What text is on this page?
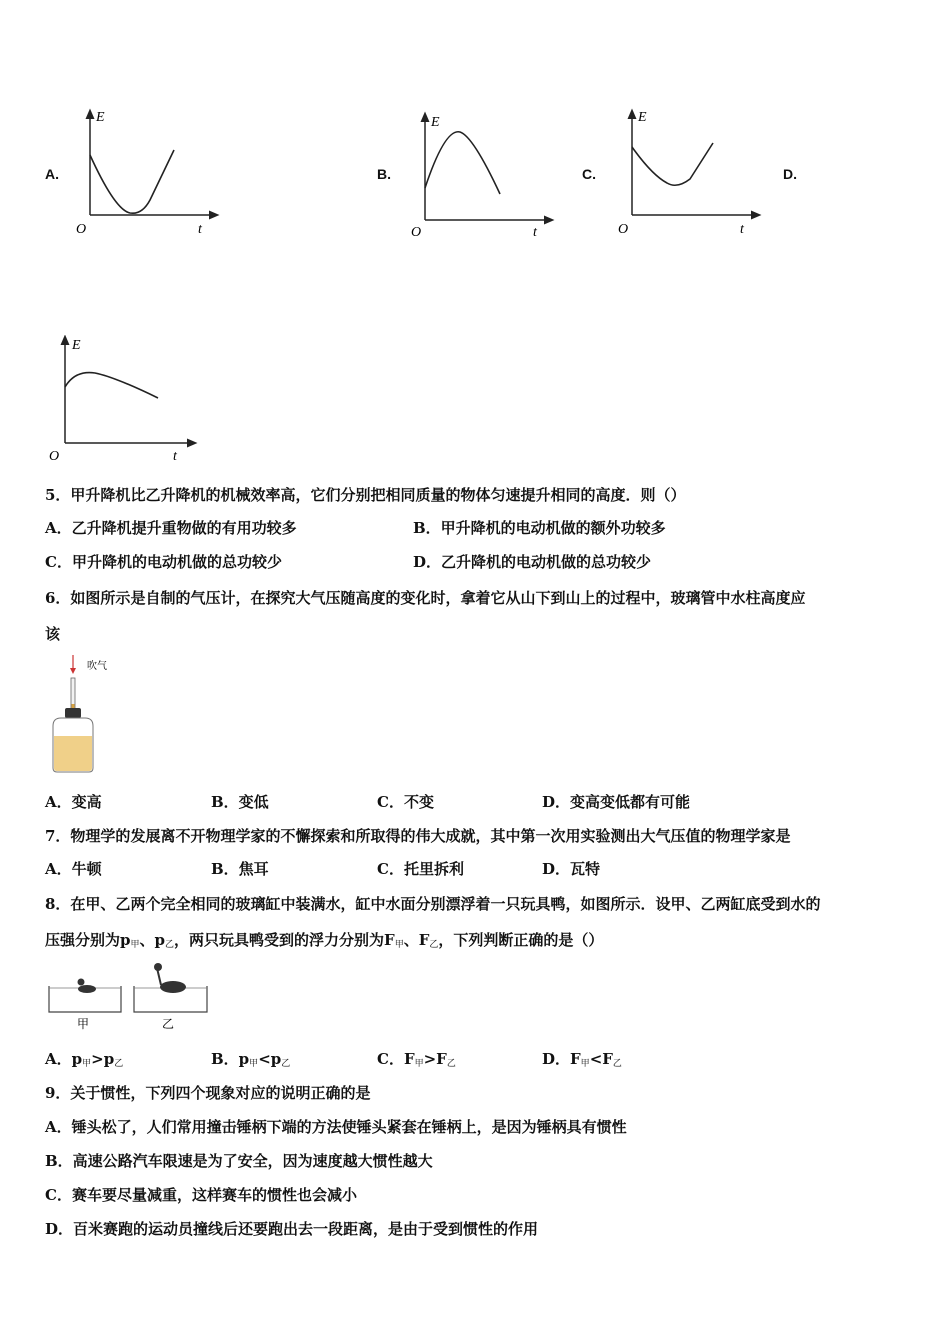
A.
E
O	t
B.
E
O	t
C.
E
O	t
D.
E
O	t
5．甲升降机比乙升降机的机械效率高，它们分别把相同质量的物体匀速提升相同的高度．则（）
A．乙升降机提升重物做的有用功较多	B．甲升降机的电动机做的额外功较多
C．甲升降机的电动机做的总功较少	D．乙升降机的电动机做的总功较少
6．如图所示是自制的气压计，在探究大气压随高度的变化时，拿着它从山下到山上的过程中，玻璃管中水柱高度应
该
吹气
A．变高	B．变低	C．不变	D．变高变低都有可能
7．物理学的发展离不开物理学家的不懈探索和所取得的伟大成就，其中第一次用实验测出大气压值的物理学家是
A．牛顿	B．焦耳	C．托里拆利	D．瓦特
8．在甲、乙两个完全相同的玻璃缸中装满水，缸中水面分别漂浮着一只玩具鸭，如图所示．设甲、乙两缸底受到水的
压强分别为$p_甲$、$p_乙$，两只玩具鸭受到的浮力分别为$F_甲$、$F_乙$，下列判断正确的是（）
甲	乙
A．$p_甲>p_乙$	B．$p_甲<p_乙$	C．$F_甲>F_乙$	D．$F_甲<F_乙$
9．关于惯性，下列四个现象对应的说明正确的是
A．锤头松了，人们常用撞击锤柄下端的方法使锤头紧套在锤柄上，是因为锤柄具有惯性
B．高速公路汽车限速是为了安全，因为速度越大惯性越大
C．赛车要尽量减重，这样赛车的惯性也会减小
D．百米赛跑的运动员撞线后还要跑出去一段距离，是由于受到惯性的作用
